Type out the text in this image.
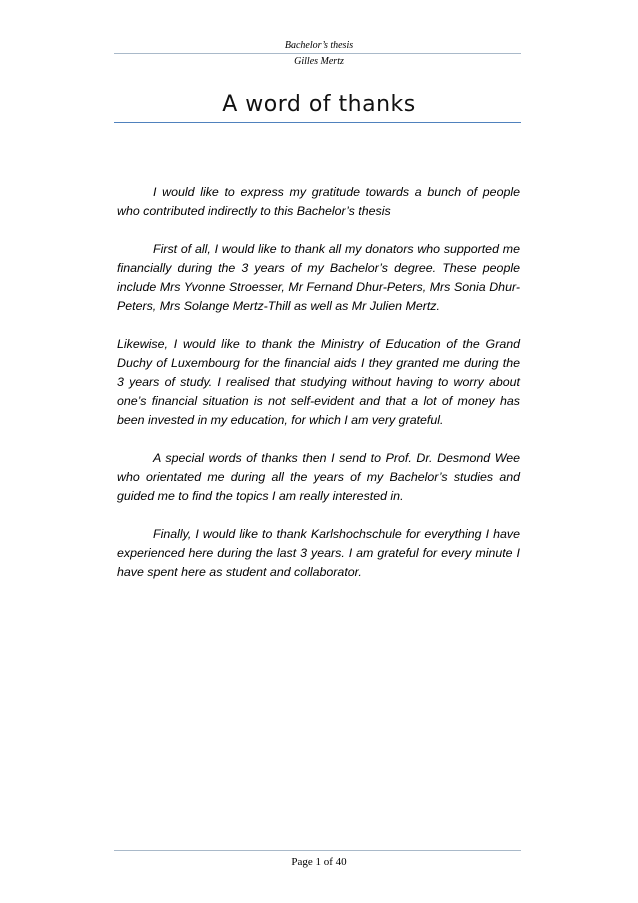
Bachelor’s thesis
Gilles Mertz
A word of thanks

I would like to express my gratitude towards a bunch of people who contributed indirectly to this Bachelor’s thesis

First of all, I would like to thank all my donators who supported me financially during the 3 years of my Bachelor’s degree. These people include Mrs Yvonne Stroesser, Mr Fernand Dhur-Peters, Mrs Sonia Dhur-Peters, Mrs Solange Mertz-Thill as well as Mr Julien Mertz.

Likewise, I would like to thank the Ministry of Education of the Grand Duchy of Luxembourg for the financial aids I they granted me during the 3 years of study. I realised that studying without having to worry about one’s financial situation is not self-evident and that a lot of money has been invested in my education, for which I am very grateful.

A special words of thanks then I send to Prof. Dr. Desmond Wee who orientated me during all the years of my Bachelor’s studies and guided me to find the topics I am really interested in.

Finally, I would like to thank Karlshochschule for everything I have experienced here during the last 3 years. I am grateful for every minute I have spent here as student and collaborator.

Page 1 of 40
